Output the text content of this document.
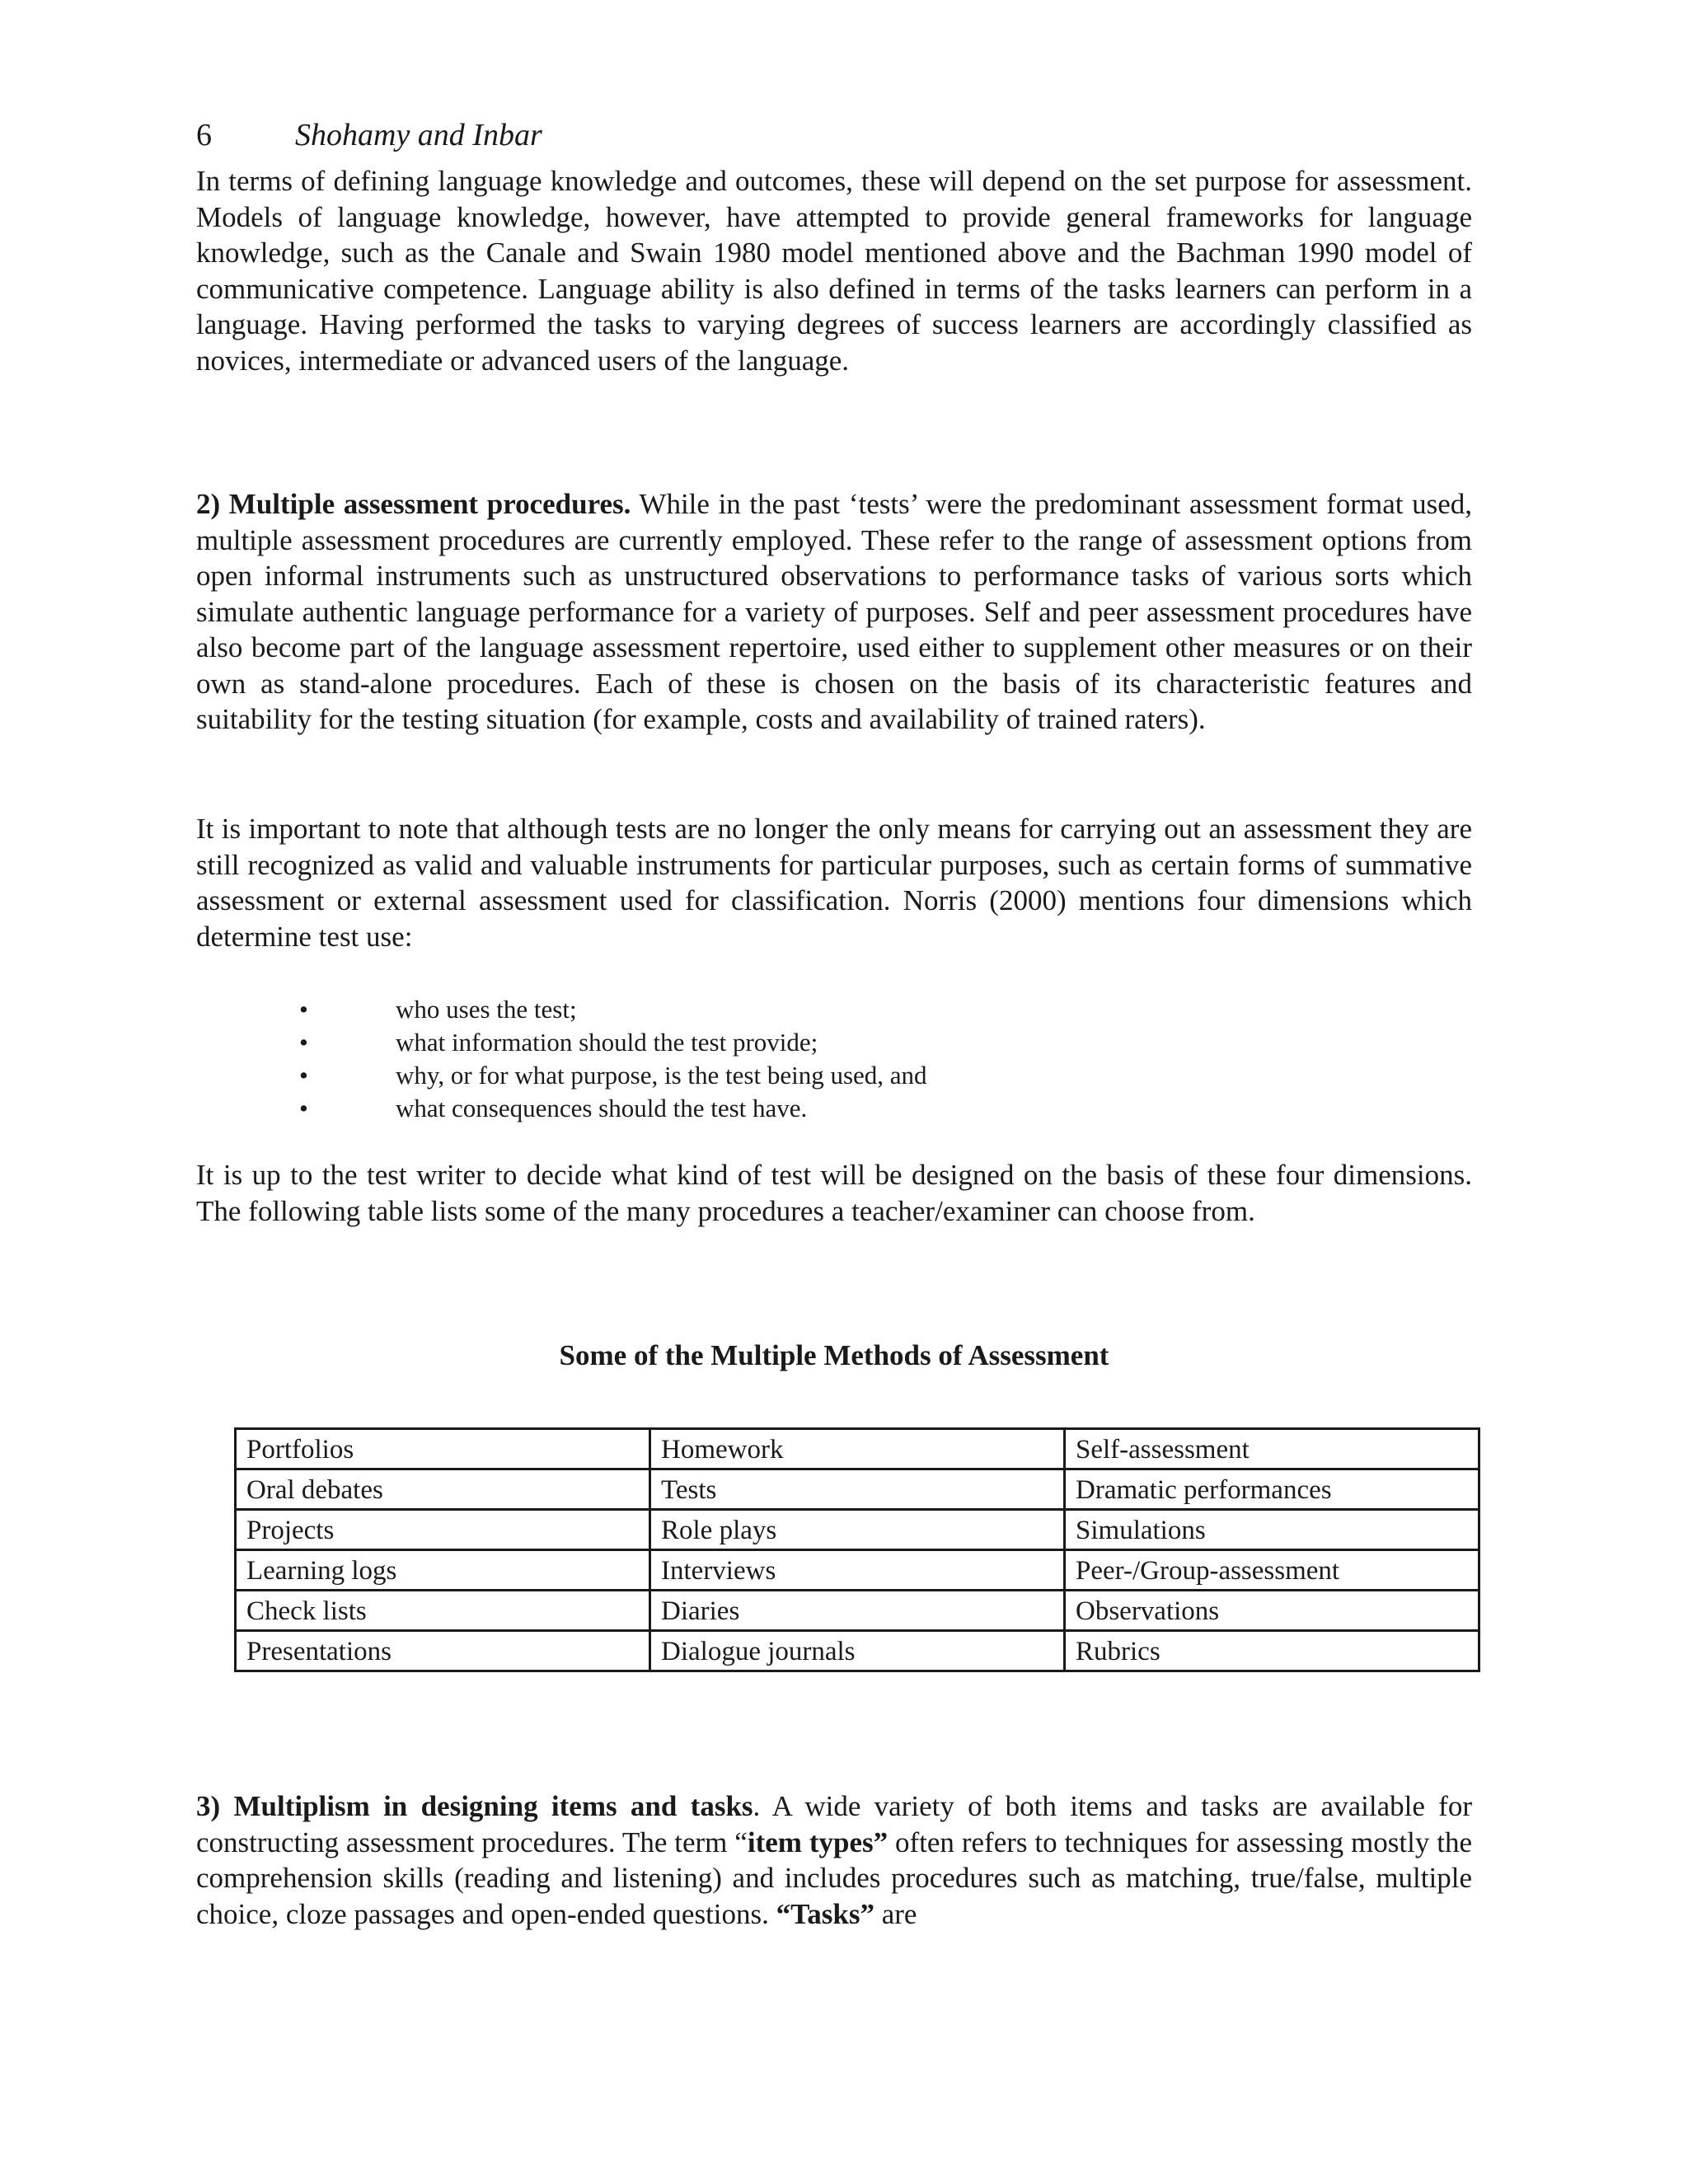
6	Shohamy and Inbar

In terms of defining language knowledge and outcomes, these will depend on the set purpose for assessment. Models of language knowledge, however, have attempted to provide general frameworks for language knowledge, such as the Canale and Swain 1980 model mentioned above and the Bachman 1990 model of communicative competence. Language ability is also defined in terms of the tasks learners can perform in a language. Having performed the tasks to varying degrees of success learners are accordingly classified as novices, intermediate or advanced users of the language.

2) Multiple assessment procedures. While in the past ‘tests’ were the predominant assessment format used, multiple assessment procedures are currently employed. These refer to the range of assessment options from open informal instruments such as unstructured observations to performance tasks of various sorts which simulate authentic language performance for a variety of purposes. Self and peer assessment procedures have also become part of the language assessment repertoire, used either to supplement other measures or on their own as stand-alone procedures. Each of these is chosen on the basis of its characteristic features and suitability for the testing situation (for example, costs and availability of trained raters).

It is important to note that although tests are no longer the only means for carrying out an assessment they are still recognized as valid and valuable instruments for particular purposes, such as certain forms of summative assessment or external assessment used for classification. Norris (2000) mentions four dimensions which determine test use:

•	who uses the test;
•	what information should the test provide;
•	why, or for what purpose, is the test being used, and
•	what consequences should the test have.

It is up to the test writer to decide what kind of test will be designed on the basis of these four dimensions. The following table lists some of the many procedures a teacher/examiner can choose from.

Some of the Multiple Methods of Assessment
Portfolios	Homework	Self-assessment
Oral debates	Tests	Dramatic performances
Projects	Role plays	Simulations
Learning logs	Interviews	Peer-/Group-assessment
Check lists	Diaries	Observations
Presentations	Dialogue journals	Rubrics

3) Multiplism in designing items and tasks. A wide variety of both items and tasks are available for constructing assessment procedures. The term “item types” often refers to techniques for assessing mostly the comprehension skills (reading and listening) and includes procedures such as matching, true/false, multiple choice, cloze passages and open-ended questions. “Tasks” are
